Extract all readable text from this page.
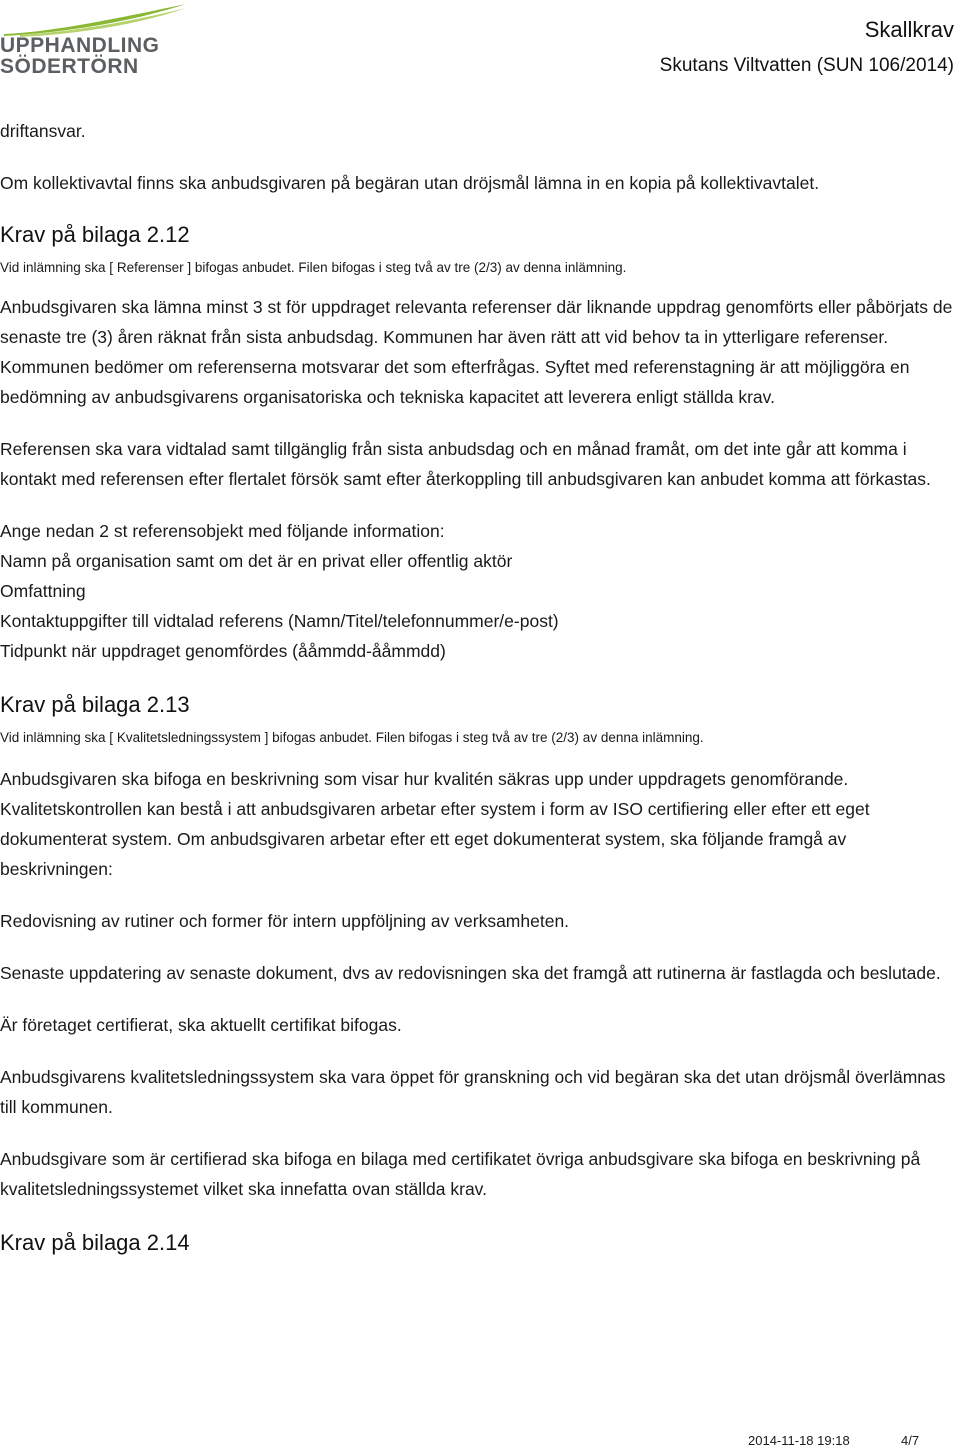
UPPHANDLING
SÖDERTÖRN
Skallkrav
Skutans Viltvatten (SUN 106/2014)

driftansvar.

Om kollektivavtal finns ska anbudsgivaren på begäran utan dröjsmål lämna in en kopia på kollektivavtalet.

Krav på bilaga 2.12

Vid inlämning ska [ Referenser ] bifogas anbudet. Filen bifogas i steg två av tre (2/3) av denna inlämning.

Anbudsgivaren ska lämna minst 3 st för uppdraget relevanta referenser där liknande uppdrag genomförts eller påbörjats de senaste tre (3) åren räknat från sista anbudsdag. Kommunen har även rätt att vid behov ta in ytterligare referenser. Kommunen bedömer om referenserna motsvarar det som efterfrågas. Syftet med referenstagning är att möjliggöra en bedömning av anbudsgivarens organisatoriska och tekniska kapacitet att leverera enligt ställda krav.

Referensen ska vara vidtalad samt tillgänglig från sista anbudsdag och en månad framåt, om det inte går att komma i kontakt med referensen efter flertalet försök samt efter återkoppling till anbudsgivaren kan anbudet komma att förkastas.

Ange nedan 2 st referensobjekt med följande information:

Namn på organisation samt om det är en privat eller offentlig aktör

Omfattning

Kontaktuppgifter till vidtalad referens (Namn/Titel/telefonnummer/e-post)

Tidpunkt när uppdraget genomfördes (ååmmdd-ååmmdd)

Krav på bilaga 2.13

Vid inlämning ska [ Kvalitetsledningssystem ] bifogas anbudet. Filen bifogas i steg två av tre (2/3) av denna inlämning.

Anbudsgivaren ska bifoga en beskrivning som visar hur kvalitén säkras upp under uppdragets genomförande. Kvalitetskontrollen kan bestå i att anbudsgivaren arbetar efter system i form av ISO certifiering eller efter ett eget dokumenterat system. Om anbudsgivaren arbetar efter ett eget dokumenterat system, ska följande framgå av beskrivningen:

Redovisning av rutiner och former för intern uppföljning av verksamheten.

Senaste uppdatering av senaste dokument, dvs av redovisningen ska det framgå att rutinerna är fastlagda och beslutade.

Är företaget certifierat, ska aktuellt certifikat bifogas.

Anbudsgivarens kvalitetsledningssystem ska vara öppet för granskning och vid begäran ska det utan dröjsmål överlämnas till kommunen.

Anbudsgivare som är certifierad ska bifoga en bilaga med certifikatet övriga anbudsgivare ska bifoga en beskrivning på kvalitetsledningssystemet vilket ska innefatta ovan ställda krav.

Krav på bilaga 2.14
2014-11-18 19:18	4/7
